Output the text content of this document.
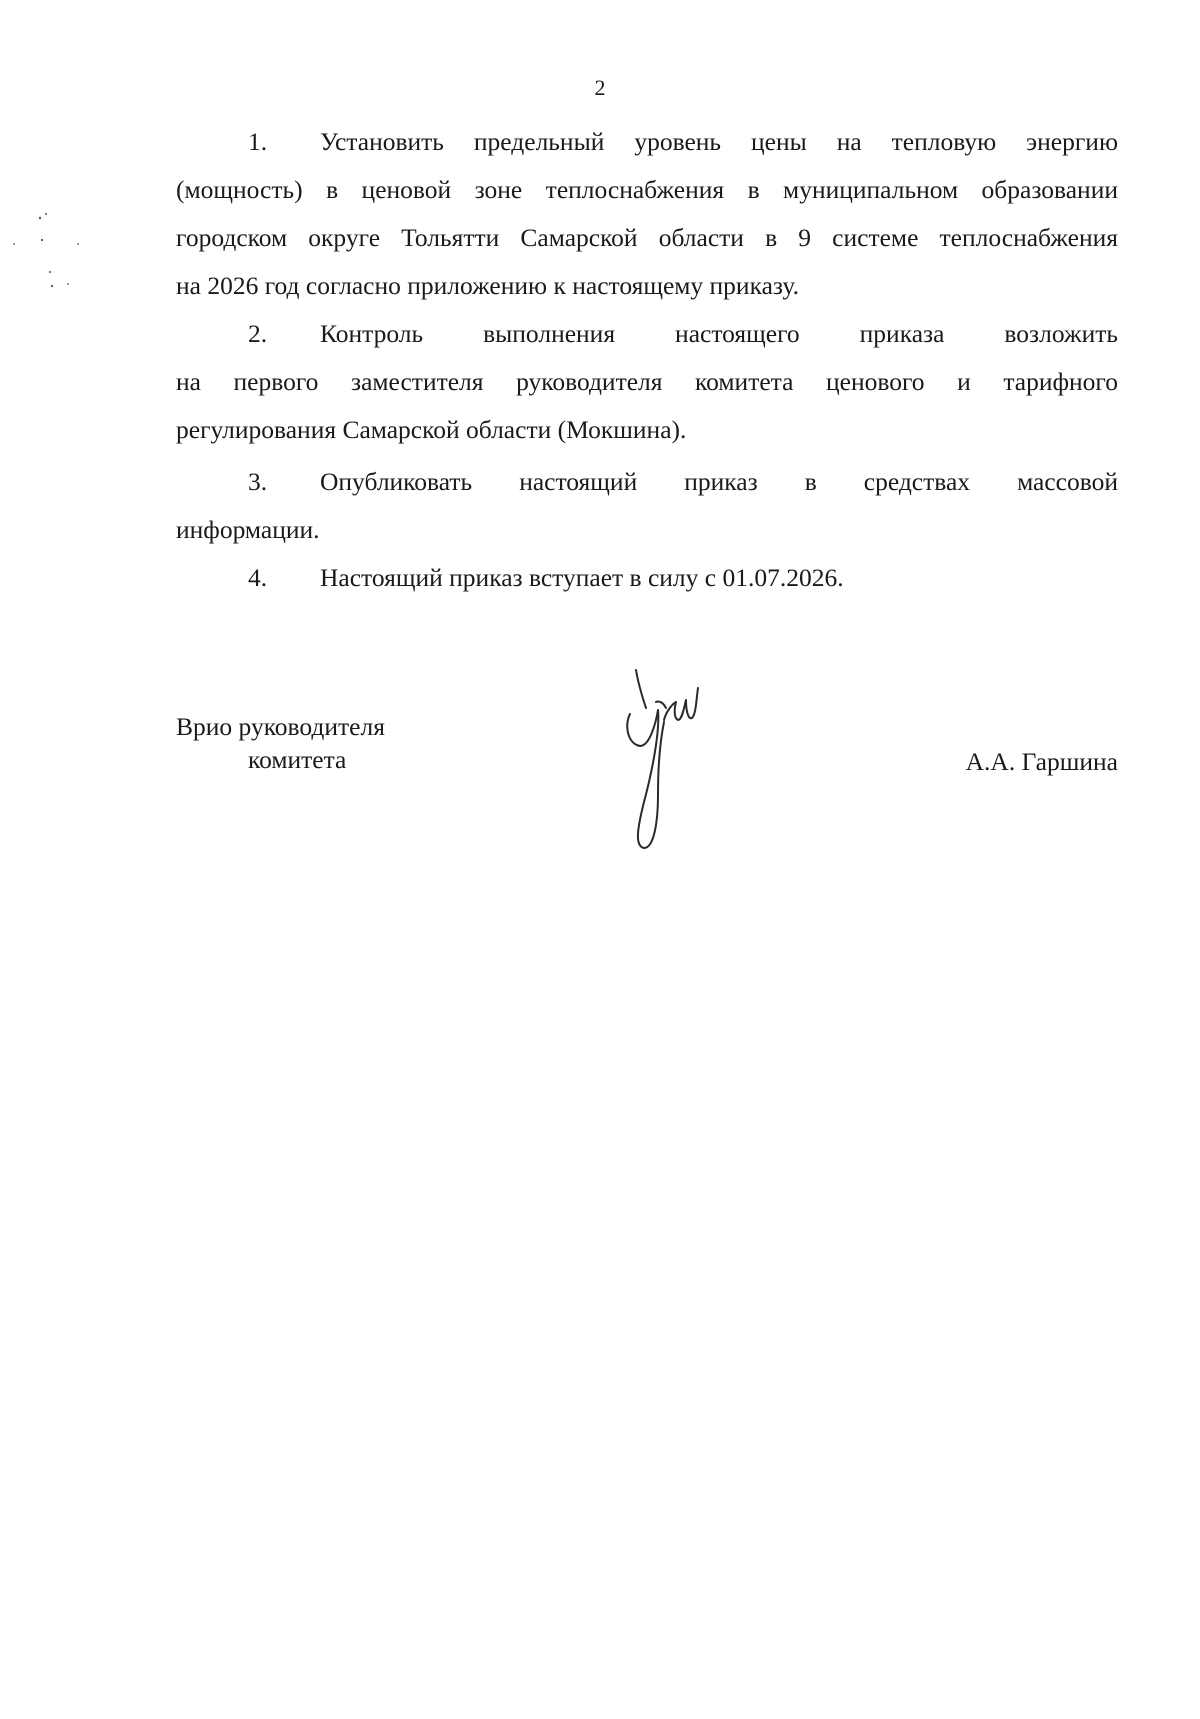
2
1. Установить предельный уровень цены на тепловую энергию
(мощность) в ценовой зоне теплоснабжения в муниципальном образовании
городском округе Тольятти Самарской области в 9 системе теплоснабжения
на 2026 год согласно приложению к настоящему приказу.
2. Контроль выполнения настоящего приказа возложить
на первого заместителя руководителя комитета ценового и тарифного
регулирования Самарской области (Мокшина).
3. Опубликовать настоящий приказ в средствах массовой
информации.
4. Настоящий приказ вступает в силу с 01.07.2026.
Врио руководителя
комитета	А.А. Гаршина
